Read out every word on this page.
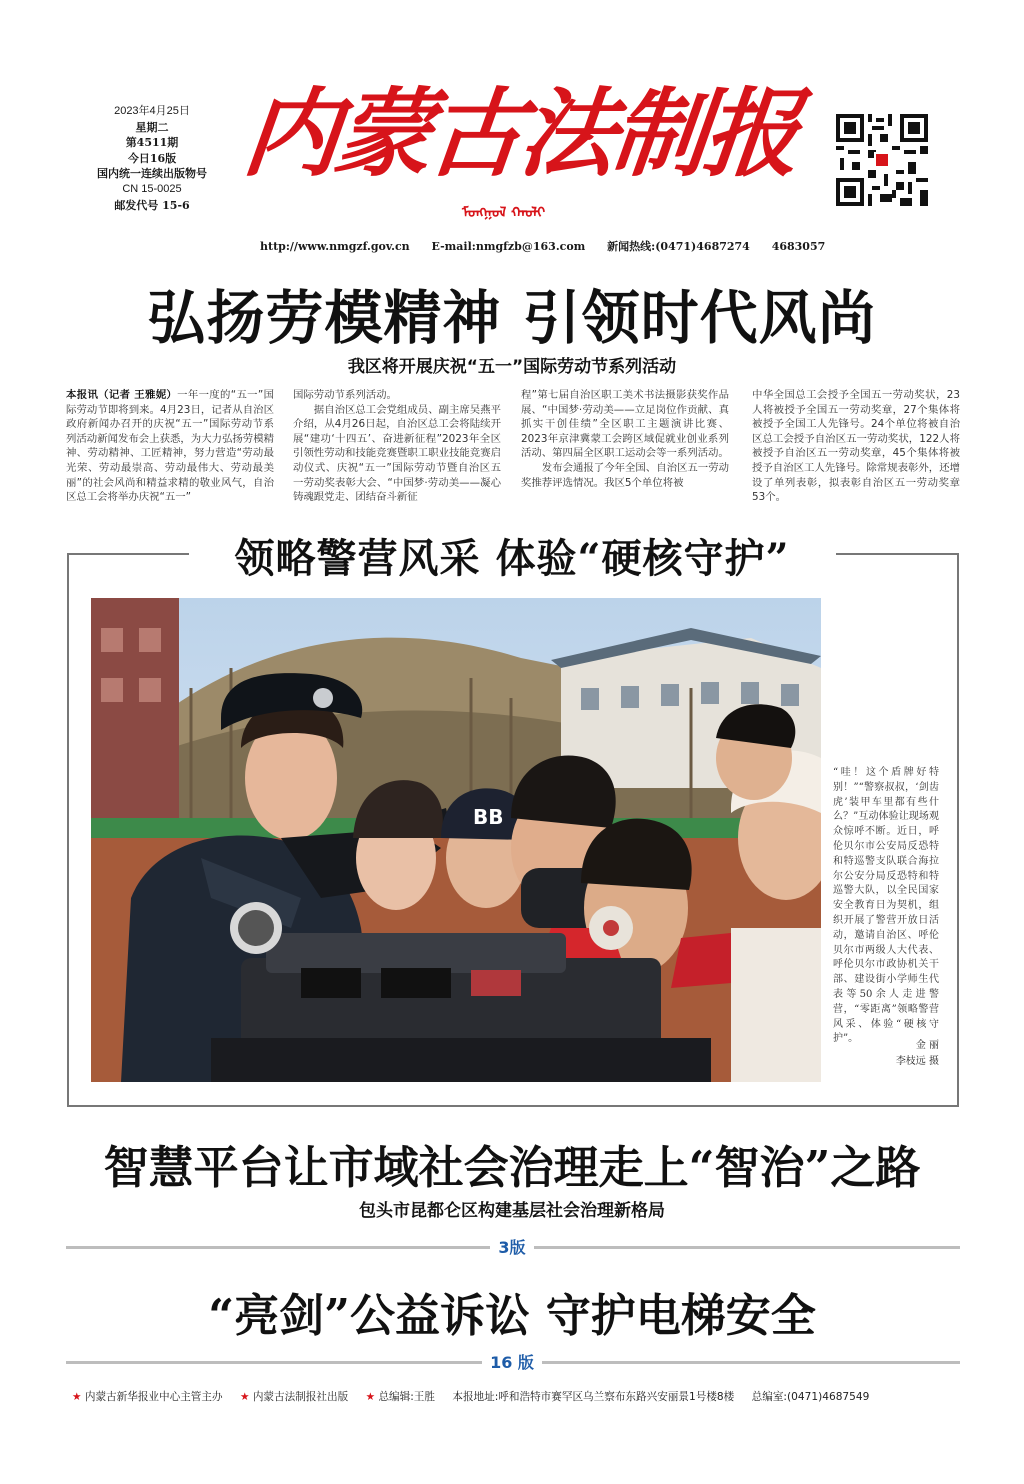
2023年4月25日
星期二
第4511期
今日16版
国内统一连续出版物号
CN 15-0025
邮发代号 15-6
内蒙古法制报
ᠮᠣᠩᠭᠣᠯ ᠬᠠᠤᠯᠢ
http://www.nmgzf.gov.cn E-mail:nmgfzb@163.com 新闻热线:(0471)4687274 4683057
弘扬劳模精神 引领时代风尚
我区将开展庆祝“五一”国际劳动节系列活动

本报讯（记者 王雅妮）一年一度的“五一”国际劳动节即将到来。4月23日，记者从自治区政府新闻办召开的庆祝“五一”国际劳动节系列活动新闻发布会上获悉，为大力弘扬劳模精神、劳动精神、工匠精神，努力营造“劳动最光荣、劳动最崇高、劳动最伟大、劳动最美丽”的社会风尚和精益求精的敬业风气，自治区总工会将举办庆祝“五一”

国际劳动节系列活动。

据自治区总工会党组成员、副主席吴燕平介绍，从4月26日起，自治区总工会将陆续开展“建功‘十四五’、奋进新征程”2023年全区引领性劳动和技能竞赛暨职工职业技能竞赛启动仪式、庆祝“五一”国际劳动节暨自治区五一劳动奖表彰大会、“中国梦·劳动美——凝心铸魂跟党走、团结奋斗新征

程”第七届自治区职工美术书法摄影获奖作品展、“中国梦·劳动美——立足岗位作贡献、真抓实干创佳绩”全区职工主题演讲比赛、2023年京津冀蒙工会跨区域促就业创业系列活动、第四届全区职工运动会等一系列活动。

发布会通报了今年全国、自治区五一劳动奖推荐评选情况。我区5个单位将被

中华全国总工会授予全国五一劳动奖状，23人将被授予全国五一劳动奖章，27个集体将被授予全国工人先锋号。24个单位将被自治区总工会授予自治区五一劳动奖状，122人将被授予自治区五一劳动奖章，45个集体将被授予自治区工人先锋号。除常规表彰外，还增设了单列表彰，拟表彰自治区五一劳动奖章53个。

领略警营风采 体验“硬核守护”
BB

“哇！这个盾牌好特别！”“警察叔叔，‘剑齿虎’装甲车里都有些什么？”互动体验让现场观众惊呼不断。近日，呼伦贝尔市公安局反恐特和特巡警支队联合海拉尔公安分局反恐特和特巡警大队，以全民国家安全教育日为契机，组织开展了警营开放日活动，邀请自治区、呼伦贝尔市两级人大代表、呼伦贝尔市政协机关干部、建设街小学师生代表等50余人走进警营，“零距离”领略警营风采、体验“硬核守护”。

金 丽
李枝远 摄
智慧平台让市域社会治理走上“智治”之路
包头市昆都仑区构建基层社会治理新格局
3版
“亮剑”公益诉讼 守护电梯安全
16 版
★ 内蒙古新华报业中心主管主办 ★ 内蒙古法制报社出版 ★ 总编辑:王胜 本报地址:呼和浩特市赛罕区乌兰察布东路兴安丽景1号楼8楼 总编室:(0471)4687549
